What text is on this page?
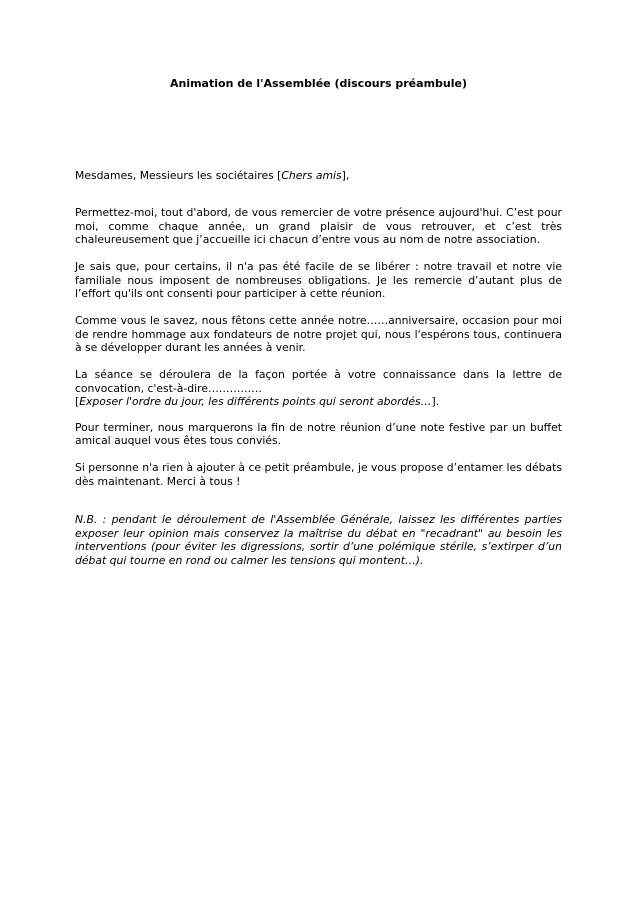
Animation de l'Assemblée (discours préambule)

Mesdames, Messieurs les sociétaires [Chers amis],

Permettez-moi, tout d'abord, de vous remercier de votre présence aujourd'hui. C’est pour moi, comme chaque année, un grand plaisir de vous retrouver, et c’est très chaleureusement que j’accueille ici chacun d’entre vous au nom de notre association.

Je sais que, pour certains, il n'a pas été facile de se libérer : notre travail et notre vie familiale nous imposent de nombreuses obligations. Je les remercie d’autant plus de l’effort qu'ils ont consenti pour participer à cette réunion.

Comme vous le savez, nous fêtons cette année notre……anniversaire, occasion pour moi de rendre hommage aux fondateurs de notre projet qui, nous l'espérons tous, continuera à se développer durant les années à venir.

La séance se déroulera de la façon portée à votre connaissance dans la lettre de convocation, c'est-à-dire……………

[Exposer l'ordre du jour, les différents points qui seront abordés…].

Pour terminer, nous marquerons la fin de notre réunion d’une note festive par un buffet amical auquel vous êtes tous conviés.

Si personne n'a rien à ajouter à ce petit préambule, je vous propose d’entamer les débats dès maintenant. Merci à tous !

N.B. : pendant le déroulement de l'Assemblée Générale, laissez les différentes parties exposer leur opinion mais conservez la maîtrise du débat en "recadrant" au besoin les interventions (pour éviter les digressions, sortir d’une polémique stérile, s’extirper d’un débat qui tourne en rond ou calmer les tensions qui montent…).
